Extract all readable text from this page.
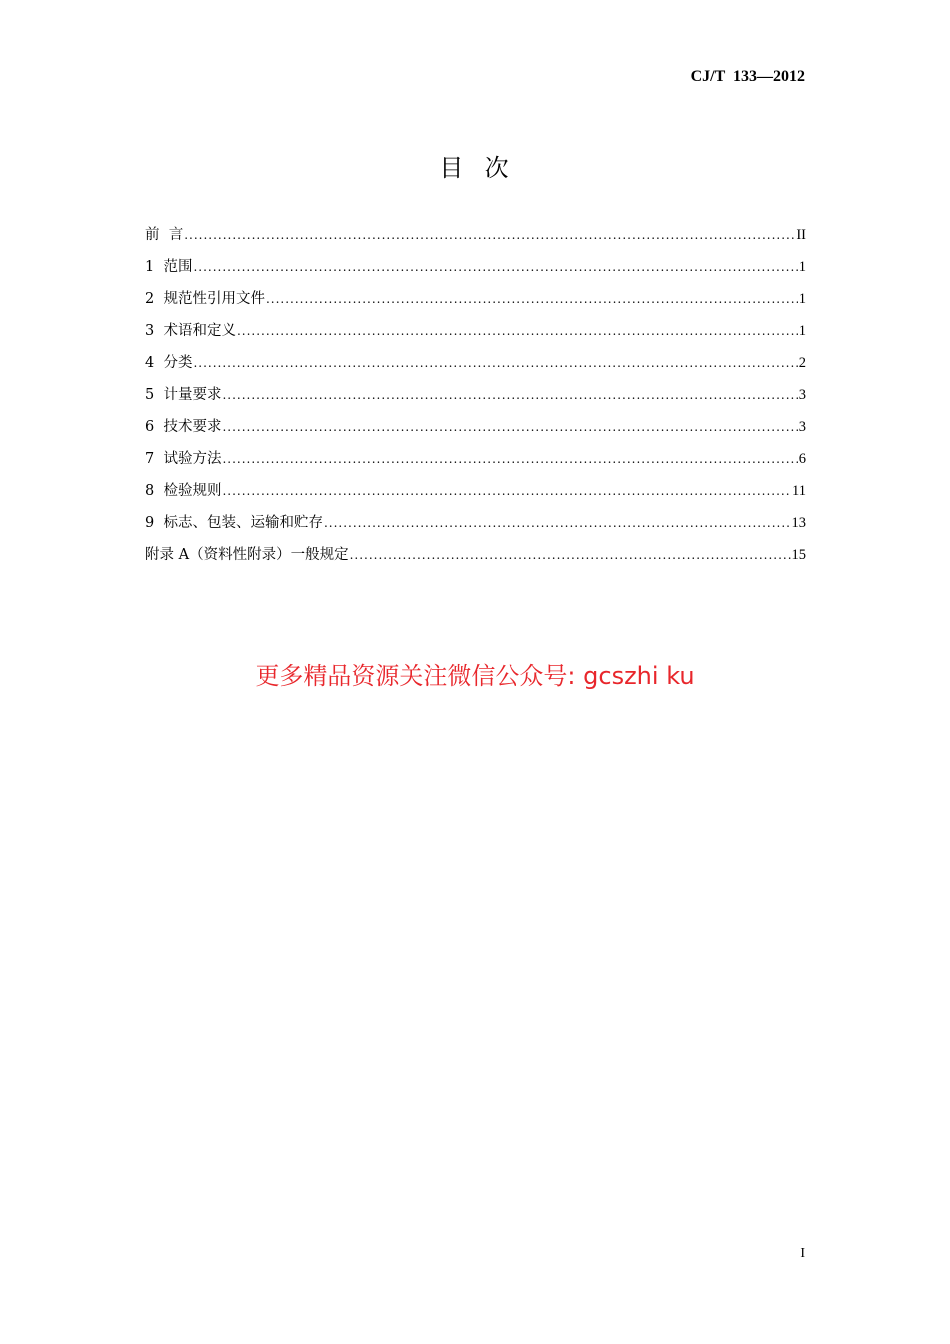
CJ/T  133—2012
目  次
前  言 .....	II
1  范围 .....	1
2  规范性引用文件 .....	1
3  术语和定义 .....	1
4  分类 .....	2
5  计量要求 .....	3
6  技术要求 .....	3
7  试验方法 .....	6
8  检验规则 .....	11
9  标志、包装、运输和贮存 .....	13
附录 A（资料性附录）一般规定 .....	15
更多精品资源关注微信公众号: gcszhi ku
I
